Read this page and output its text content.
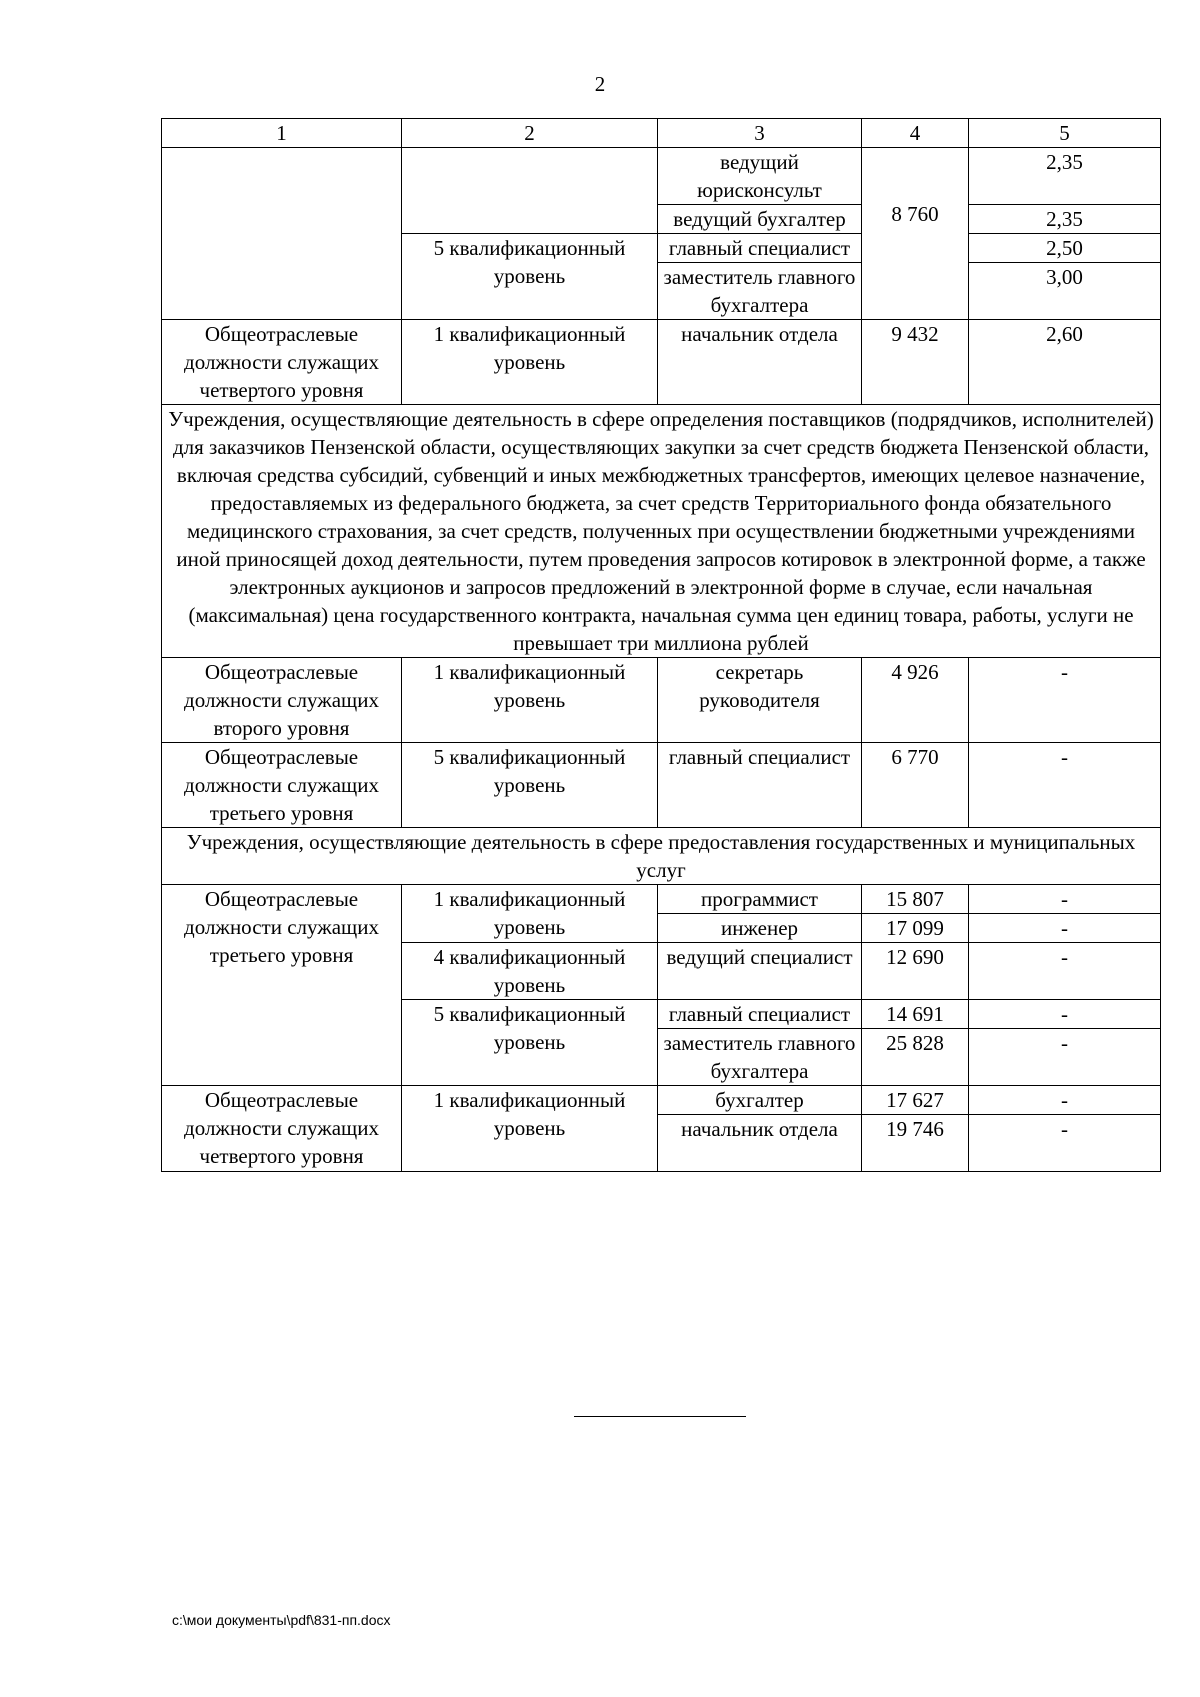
2
1	2	3	4	5
		ведущий юрисконсульт	8 760	2,35
		ведущий бухгалтер		2,35
	5 квалификационный уровень	главный специалист		2,50
		заместитель главного бухгалтера		3,00
Общеотраслевые должности служащих четвертого уровня	1 квалификационный уровень	начальник отдела	9 432	2,60
Учреждения, осуществляющие деятельность в сфере определения поставщиков (подрядчиков, исполнителей) для заказчиков Пензенской области, осуществляющих закупки за счет средств бюджета Пензенской области, включая средства субсидий, субвенций и иных межбюджетных трансфертов, имеющих целевое назначение, предоставляемых из федерального бюджета, за счет средств Территориального фонда обязательного медицинского страхования, за счет средств, полученных при осуществлении бюджетными учреждениями иной приносящей доход деятельности, путем проведения запросов котировок в электронной форме, а также электронных аукционов и запросов предложений в электронной форме в случае, если начальная (максимальная) цена государственного контракта, начальная сумма цен единиц товара, работы, услуги не превышает три миллиона рублей				
Общеотраслевые должности служащих второго уровня	1 квалификационный уровень	секретарь руководителя	4 926	-
Общеотраслевые должности служащих третьего уровня	5 квалификационный уровень	главный специалист	6 770	-
Учреждения, осуществляющие деятельность в сфере предоставления государственных и муниципальных услуг				
Общеотраслевые должности служащих третьего уровня	1 квалификационный уровень	программист	15 807	-
		инженер	17 099	-
	4 квалификационный уровень	ведущий специалист	12 690	-
	5 квалификационный уровень	главный специалист	14 691	-
		заместитель главного бухгалтера	25 828	-
Общеотраслевые должности служащих четвертого уровня	1 квалификационный уровень	бухгалтер	17 627	-
		начальник отдела	19 746	-
c:\мои документы\pdf\831-пп.docx
